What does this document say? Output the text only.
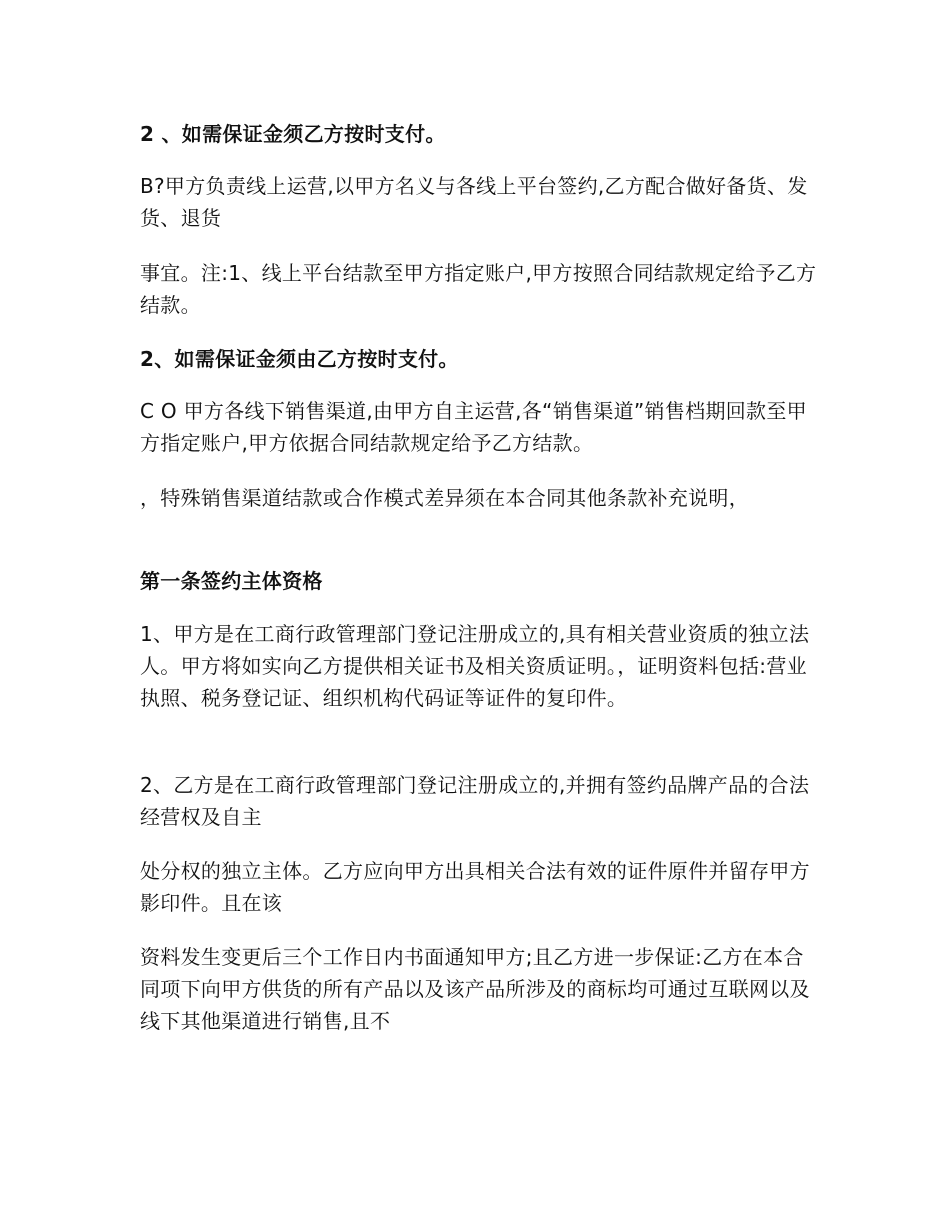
2 、如需保证金须乙方按时支付。

B?甲方负责线上运营,以甲方名义与各线上平台签约,乙方配合做好备货、发货、退货

事宜。注:1、线上平台结款至甲方指定账户,甲方按照合同结款规定给予乙方结款。

2、如需保证金须由乙方按时支付。

C O 甲方各线下销售渠道,由甲方自主运营,各“销售渠道”销售档期回款至甲方指定账户,甲方依据合同结款规定给予乙方结款。

，特殊销售渠道结款或合作模式差异须在本合同其他条款补充说明，

第一条签约主体资格

1、甲方是在工商行政管理部门登记注册成立的,具有相关营业资质的独立法人。甲方将如实向乙方提供相关证书及相关资质证明。，证明资料包括:营业执照、税务登记证、组织机构代码证等证件的复印件。

2、乙方是在工商行政管理部门登记注册成立的,并拥有签约品牌产品的合法经营权及自主

处分权的独立主体。乙方应向甲方出具相关合法有效的证件原件并留存甲方影印件。且在该

资料发生变更后三个工作日内书面通知甲方;且乙方进一步保证:乙方在本合同项下向甲方供货的所有产品以及该产品所涉及的商标均可通过互联网以及线下其他渠道进行销售,且不
